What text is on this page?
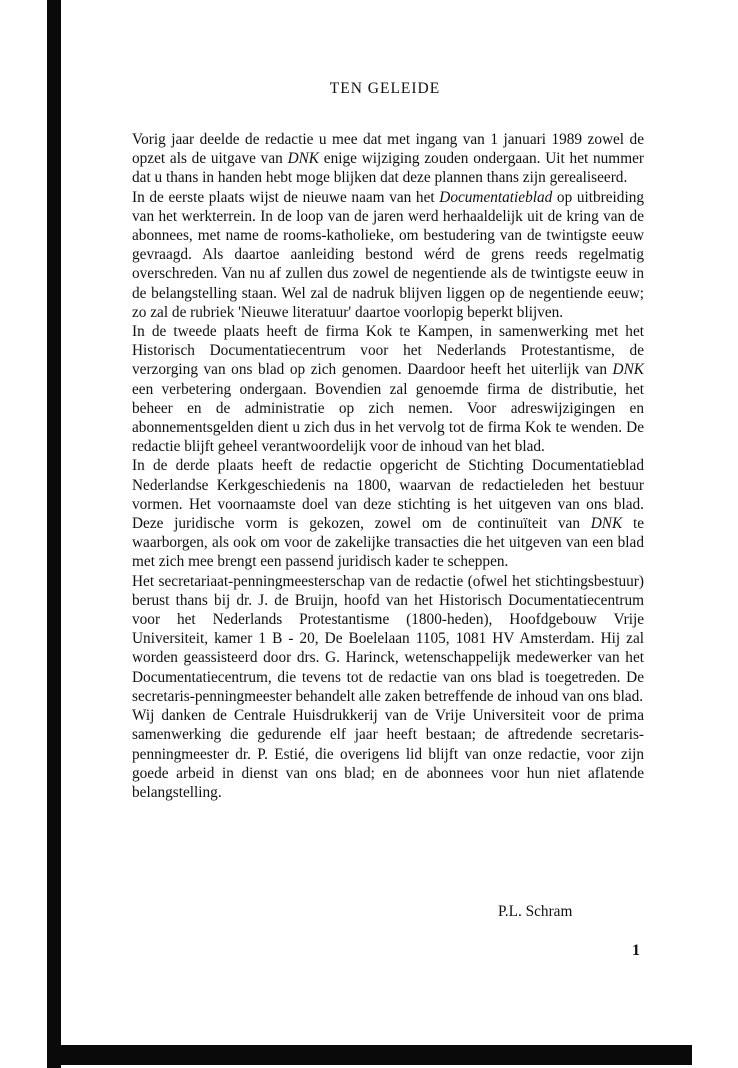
TEN GELEIDE

Vorig jaar deelde de redactie u mee dat met ingang van 1 januari 1989 zowel de opzet als de uitgave van DNK enige wijziging zouden ondergaan. Uit het nummer dat u thans in handen hebt moge blijken dat deze plannen thans zijn gerealiseerd.

In de eerste plaats wijst de nieuwe naam van het Documentatieblad op uitbreiding van het werkterrein. In de loop van de jaren werd herhaaldelijk uit de kring van de abonnees, met name de rooms-katholieke, om bestudering van de twintigste eeuw gevraagd. Als daartoe aanleiding bestond wérd de grens reeds regelmatig overschreden. Van nu af zullen dus zowel de negentiende als de twintigste eeuw in de belangstelling staan. Wel zal de nadruk blijven liggen op de negentiende eeuw; zo zal de rubriek 'Nieuwe literatuur' daartoe voorlopig beperkt blijven.

In de tweede plaats heeft de firma Kok te Kampen, in samenwerking met het Historisch Documentatiecentrum voor het Nederlands Protestantisme, de verzorging van ons blad op zich genomen. Daardoor heeft het uiterlijk van DNK een verbetering ondergaan. Bovendien zal genoemde firma de distributie, het beheer en de administratie op zich nemen. Voor adreswijzigingen en abonnementsgelden dient u zich dus in het vervolg tot de firma Kok te wenden. De redactie blijft geheel verantwoordelijk voor de inhoud van het blad.

In de derde plaats heeft de redactie opgericht de Stichting Documentatieblad Nederlandse Kerkgeschiedenis na 1800, waarvan de redactieleden het bestuur vormen. Het voornaamste doel van deze stichting is het uitgeven van ons blad. Deze juridische vorm is gekozen, zowel om de continuïteit van DNK te waarborgen, als ook om voor de zakelijke transacties die het uitgeven van een blad met zich mee brengt een passend juridisch kader te scheppen.

Het secretariaat-penningmeesterschap van de redactie (ofwel het stichtingsbestuur) berust thans bij dr. J. de Bruijn, hoofd van het Historisch Documentatiecentrum voor het Nederlands Protestantisme (1800-heden), Hoofdgebouw Vrije Universiteit, kamer 1 B - 20, De Boelelaan 1105, 1081 HV Amsterdam. Hij zal worden geassisteerd door drs. G. Harinck, wetenschappelijk medewerker van het Documentatiecentrum, die tevens tot de redactie van ons blad is toegetreden. De secretaris-penningmeester behandelt alle zaken betreffende de inhoud van ons blad.

Wij danken de Centrale Huisdrukkerij van de Vrije Universiteit voor de prima samenwerking die gedurende elf jaar heeft bestaan; de aftredende secretaris-penningmeester dr. P. Estié, die overigens lid blijft van onze redactie, voor zijn goede arbeid in dienst van ons blad; en de abonnees voor hun niet aflatende belangstelling.

P.L. Schram
1
